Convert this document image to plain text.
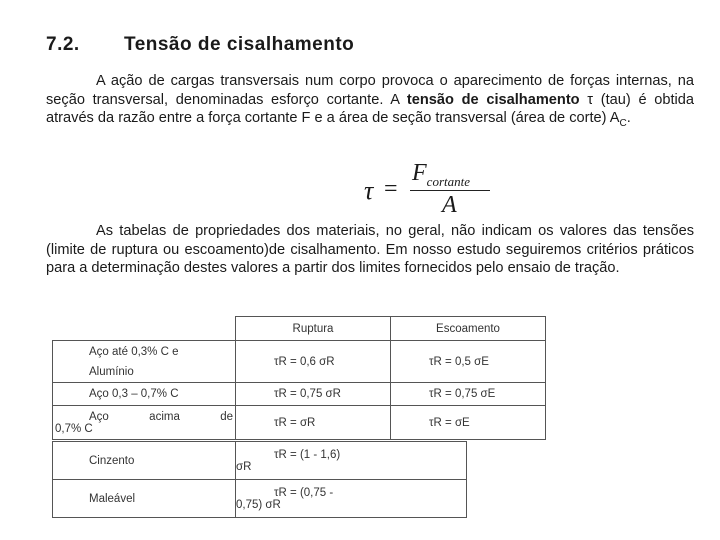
7.2. Tensão de cisalhamento
A ação de cargas transversais num corpo provoca o aparecimento de forças internas, na seção transversal, denominadas esforço cortante. A tensão de cisalhamento τ (tau) é obtida através da razão entre a força cortante F e a área de seção transversal (área de corte) $A_C$.
τ =
$F_{cortante}$
A
As tabelas de propriedades dos materiais, no geral, não indicam os valores das tensões (limite de ruptura ou escoamento)de cisalhamento. Em nosso estudo seguiremos critérios práticos para a determinação destes valores a partir dos limites fornecidos pelo ensaio de tração.
	Ruptura	Escoamento

Aço até 0,3% C e
Alumínio	τR = 0,6 σR	τR = 0,5 σE
Aço 0,3 – 0,7% C	τR = 0,75 σR	τR = 0,75 σE

Aço acima de
0,7% C	τR = σR	τR = σE
Cinzento	τR = (1 - 1,6)
σR

Maleável	τR = (0,75 -
0,75) σR
